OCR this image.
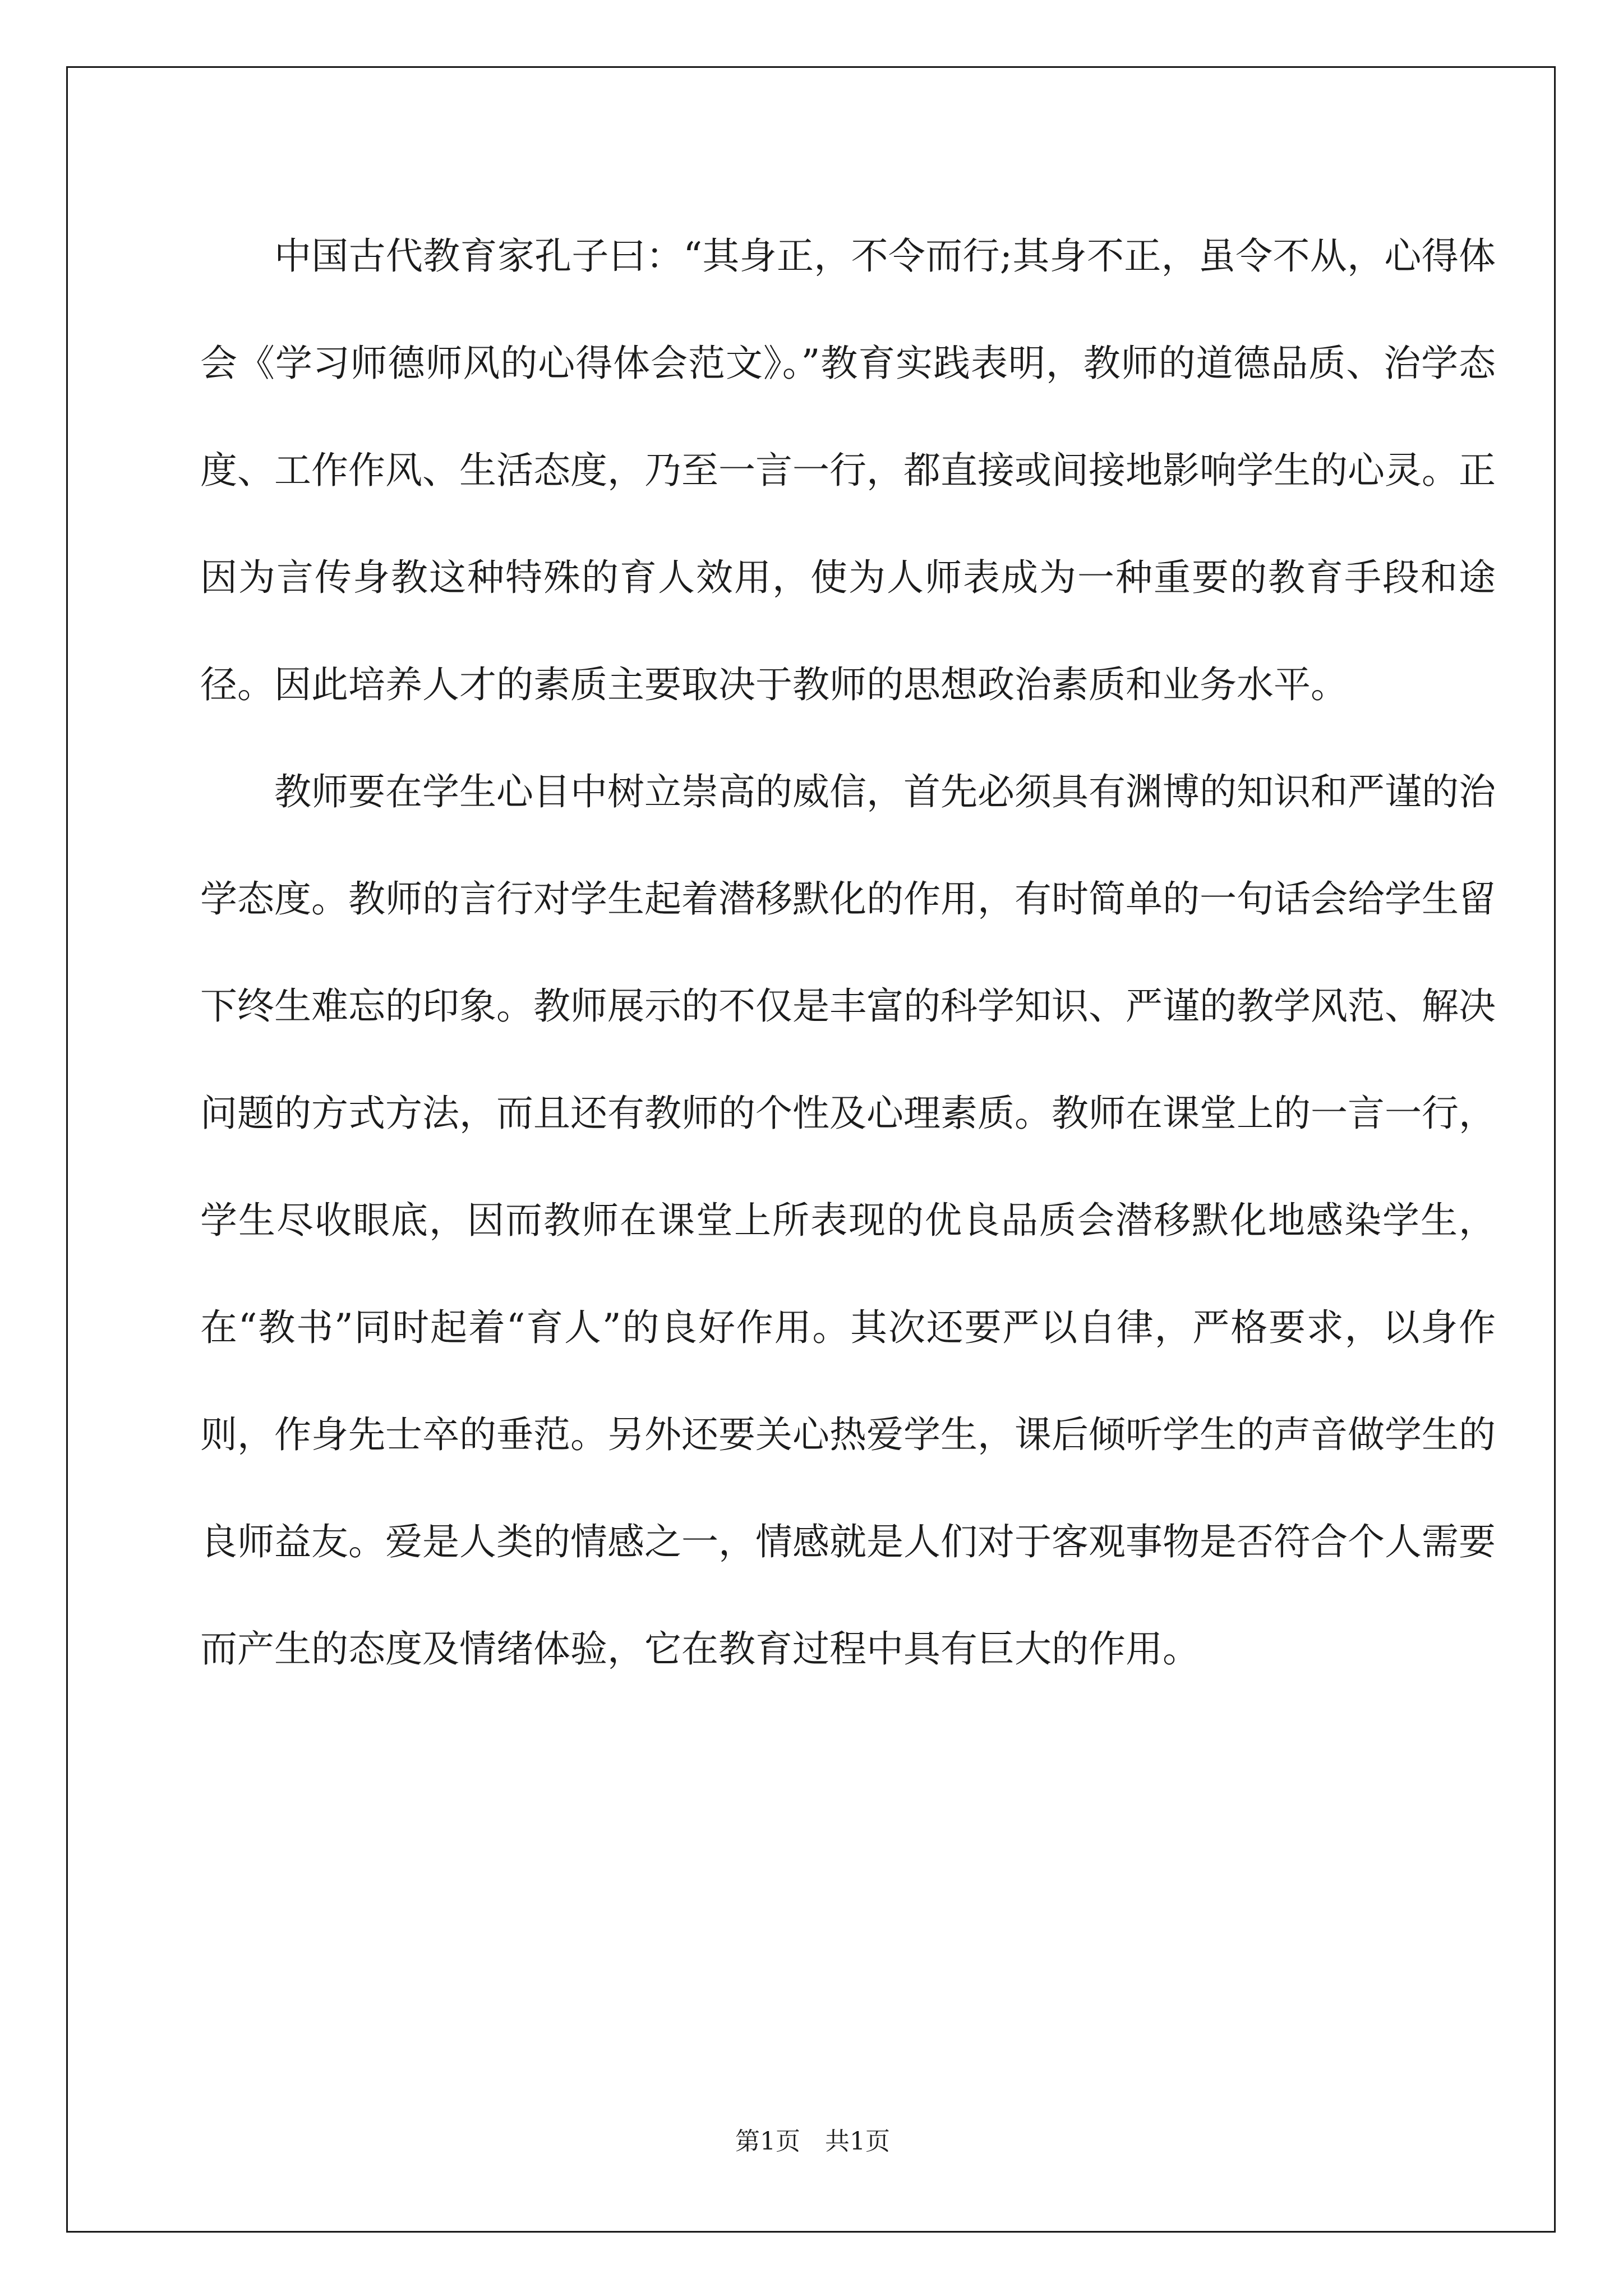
中国古代教育家孔子曰：“其身正，不令而行;其身不正，虽令不从，心得体会《学习师德师风的心得体会范文》。”教育实践表明，教师的道德品质、治学态度、工作作风、生活态度，乃至一言一行，都直接或间接地影响学生的心灵。正因为言传身教这种特殊的育人效用，使为人师表成为一种重要的教育手段和途径。因此培养人才的素质主要取决于教师的思想政治素质和业务水平。

教师要在学生心目中树立崇高的威信，首先必须具有渊博的知识和严谨的治学态度。教师的言行对学生起着潜移默化的作用，有时简单的一句话会给学生留下终生难忘的印象。教师展示的不仅是丰富的科学知识、严谨的教学风范、解决问题的方式方法，而且还有教师的个性及心理素质。教师在课堂上的一言一行，学生尽收眼底，因而教师在课堂上所表现的优良品质会潜移默化地感染学生，在“教书”同时起着“育人”的良好作用。其次还要严以自律，严格要求，以身作则，作身先士卒的垂范。另外还要关心热爱学生，课后倾听学生的声音做学生的良师益友。爱是人类的情感之一，情感就是人们对于客观事物是否符合个人需要而产生的态度及情绪体验，它在教育过程中具有巨大的作用。

第1页　共1页
